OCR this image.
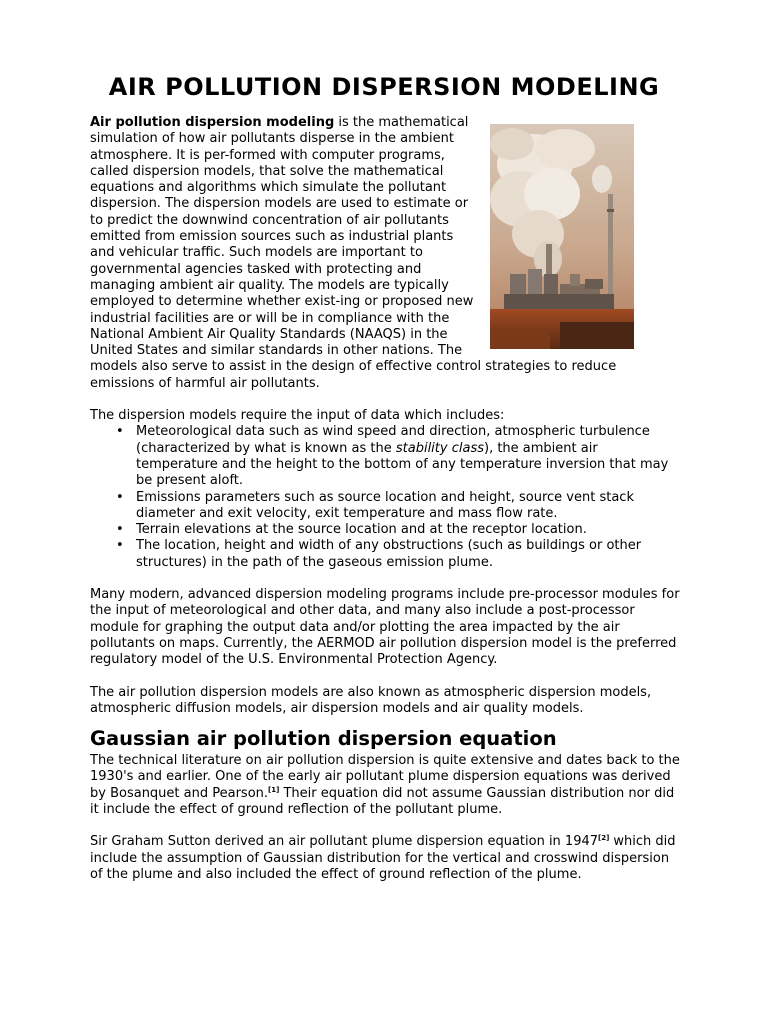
AIR POLLUTION DISPERSION MODELING

Air pollution dispersion modeling is the mathematical simulation of how air pollutants disperse in the ambient atmosphere. It is per-formed with computer programs, called dispersion models, that solve the mathematical equations and algorithms which simulate the pollutant dispersion. The dispersion models are used to estimate or to predict the downwind concentration of air pollutants emitted from emission sources such as industrial plants and vehicular traffic. Such models are important to governmental agencies tasked with protecting and managing ambient air quality. The models are typically employed to determine whether exist-ing or proposed new industrial facilities are or will be in compliance with the National Ambient Air Quality Standards (NAAQS) in the United States and similar standards in other nations. The models also serve to assist in the design of effective control strategies to reduce emissions of harmful air pollutants.

The dispersion models require the input of data which includes:

• Meteorological data such as wind speed and direction, atmospheric turbulence (characterized by what is known as the stability class), the ambient air temperature and the height to the bottom of any temperature inversion that may be present aloft.
• Emissions parameters such as source location and height, source vent stack diameter and exit velocity, exit temperature and mass flow rate.
• Terrain elevations at the source location and at the receptor location.
• The location, height and width of any obstructions (such as buildings or other structures) in the path of the gaseous emission plume.

Many modern, advanced dispersion modeling programs include pre-processor modules for the input of meteorological and other data, and many also include a post-processor module for graphing the output data and/or plotting the area impacted by the air pollutants on maps. Currently, the AERMOD air pollution dispersion model is the preferred regulatory model of the U.S. Environmental Protection Agency.

The air pollution dispersion models are also known as atmospheric dispersion models, atmospheric diffusion models, air dispersion models and air quality models.

Gaussian air pollution dispersion equation

The technical literature on air pollution dispersion is quite extensive and dates back to the 1930's and earlier. One of the early air pollutant plume dispersion equations was derived by Bosanquet and Pearson.[1] Their equation did not assume Gaussian distribution nor did it include the effect of ground reflection of the pollutant plume.

Sir Graham Sutton derived an air pollutant plume dispersion equation in 1947[2] which did include the assumption of Gaussian distribution for the vertical and crosswind dispersion of the plume and also included the effect of ground reflection of the plume.
